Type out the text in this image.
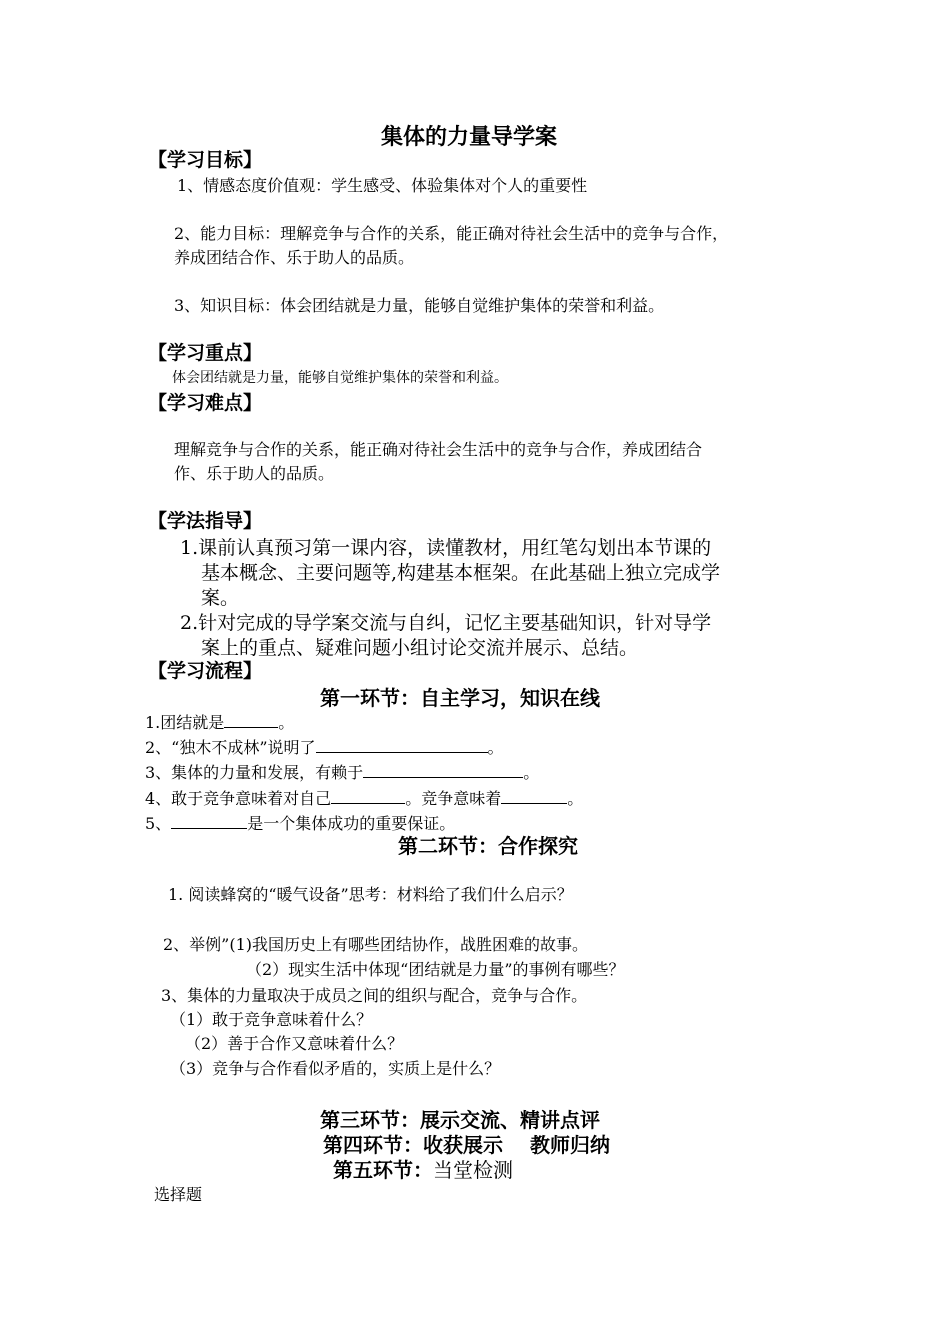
集体的力量导学案
【学习目标】
1、情感态度价值观：学生感受、体验集体对个人的重要性
2、能力目标：理解竞争与合作的关系，能正确对待社会生活中的竞争与合作，
养成团结合作、乐于助人的品质。
3、知识目标：体会团结就是力量，能够自觉维护集体的荣誉和利益。
【学习重点】
体会团结就是力量，能够自觉维护集体的荣誉和利益。
【学习难点】
理解竞争与合作的关系，能正确对待社会生活中的竞争与合作，养成团结合
作、乐于助人的品质。
【学法指导】
1.课前认真预习第一课内容，读懂教材，用红笔勾划出本节课的
基本概念、主要问题等,构建基本框架。在此基础上独立完成学
案。
2.针对完成的导学案交流与自纠，记忆主要基础知识，针对导学
案上的重点、疑难问题小组讨论交流并展示、总结。
【学习流程】
第一环节：自主学习，知识在线
1.团结就是	。
2、“独木不成林”说明了	。
3、集体的力量和发展，有赖于	。
4、敢于竞争意味着对自己	。竞争意味着	。
5、	是一个集体成功的重要保证。
第二环节：合作探究
1. 阅读蜂窝的“暖气设备”思考：材料给了我们什么启示？
2、举例”(1)我国历史上有哪些团结协作，战胜困难的故事。
（2）现实生活中体现“团结就是力量”的事例有哪些？
3、集体的力量取决于成员之间的组织与配合，竞争与合作。
（1）敢于竞争意味着什么？
（2）善于合作又意味着什么？
（3）竞争与合作看似矛盾的，实质上是什么？
第三环节：展示交流、精讲点评
第四环节：收获展示　 教师归纳
第五环节：当堂检测
选择题
